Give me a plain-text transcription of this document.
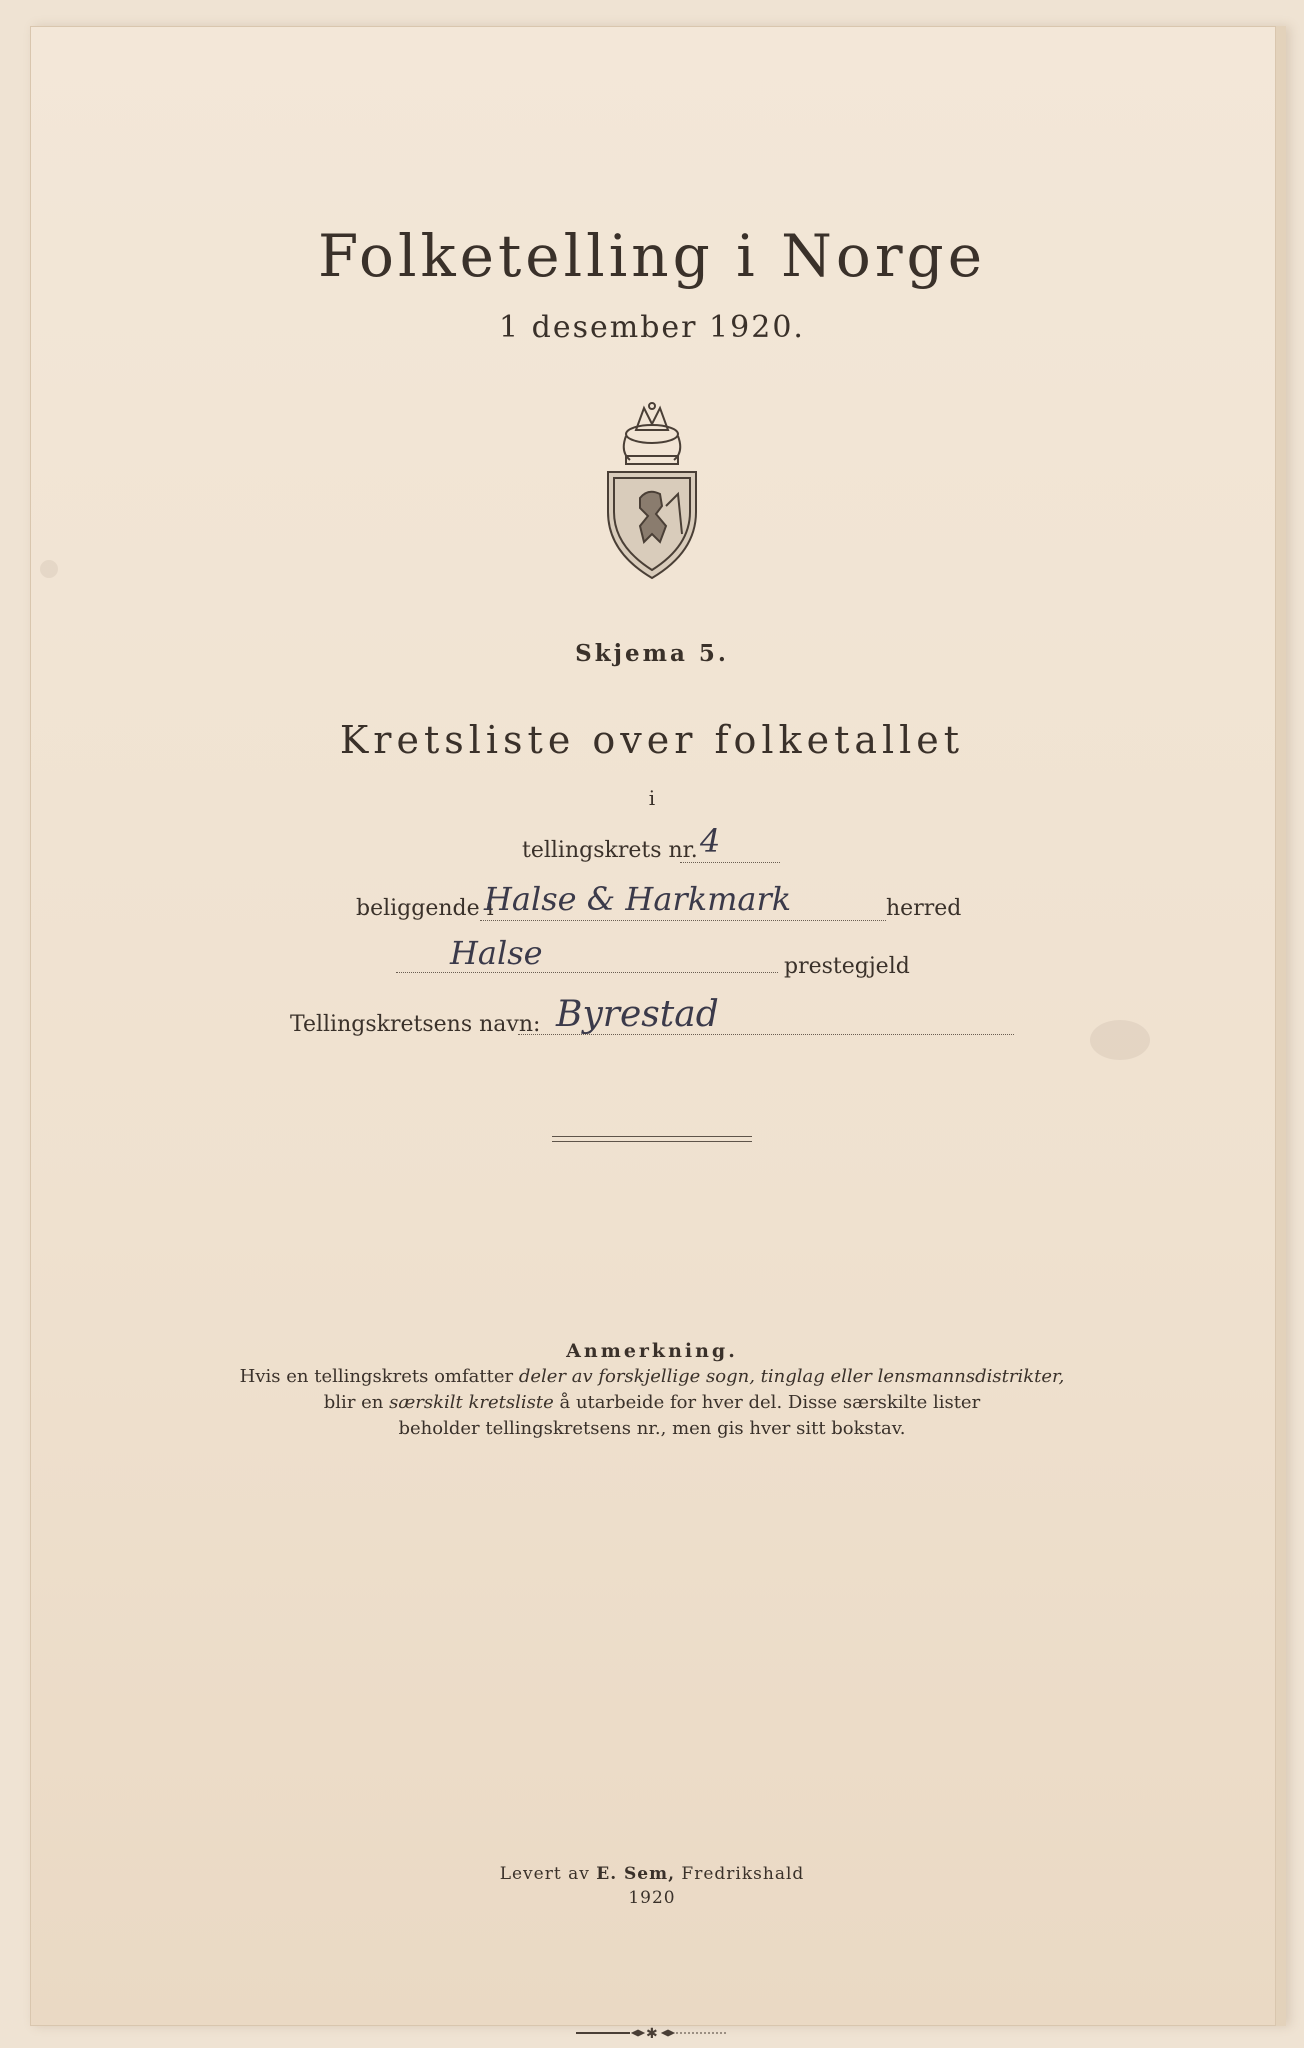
Folketelling i Norge
1 desember 1920.
Skjema 5.
Kretsliste over folketallet
i
tellingskrets nr. 4
beliggende i
Halse & Harkmark	herred
Halse	prestegjeld
Tellingskretsens navn: Byrestad
Anmerkning.
Hvis en tellingskrets omfatter deler av forskjellige sogn, tinglag eller lensmannsdistrikter,
blir en særskilt kretsliste å utarbeide for hver del. Disse særskilte lister
beholder tellingskretsens nr., men gis hver sitt bokstav.
✱
Levert av E. Sem, Fredrikshald
1920
